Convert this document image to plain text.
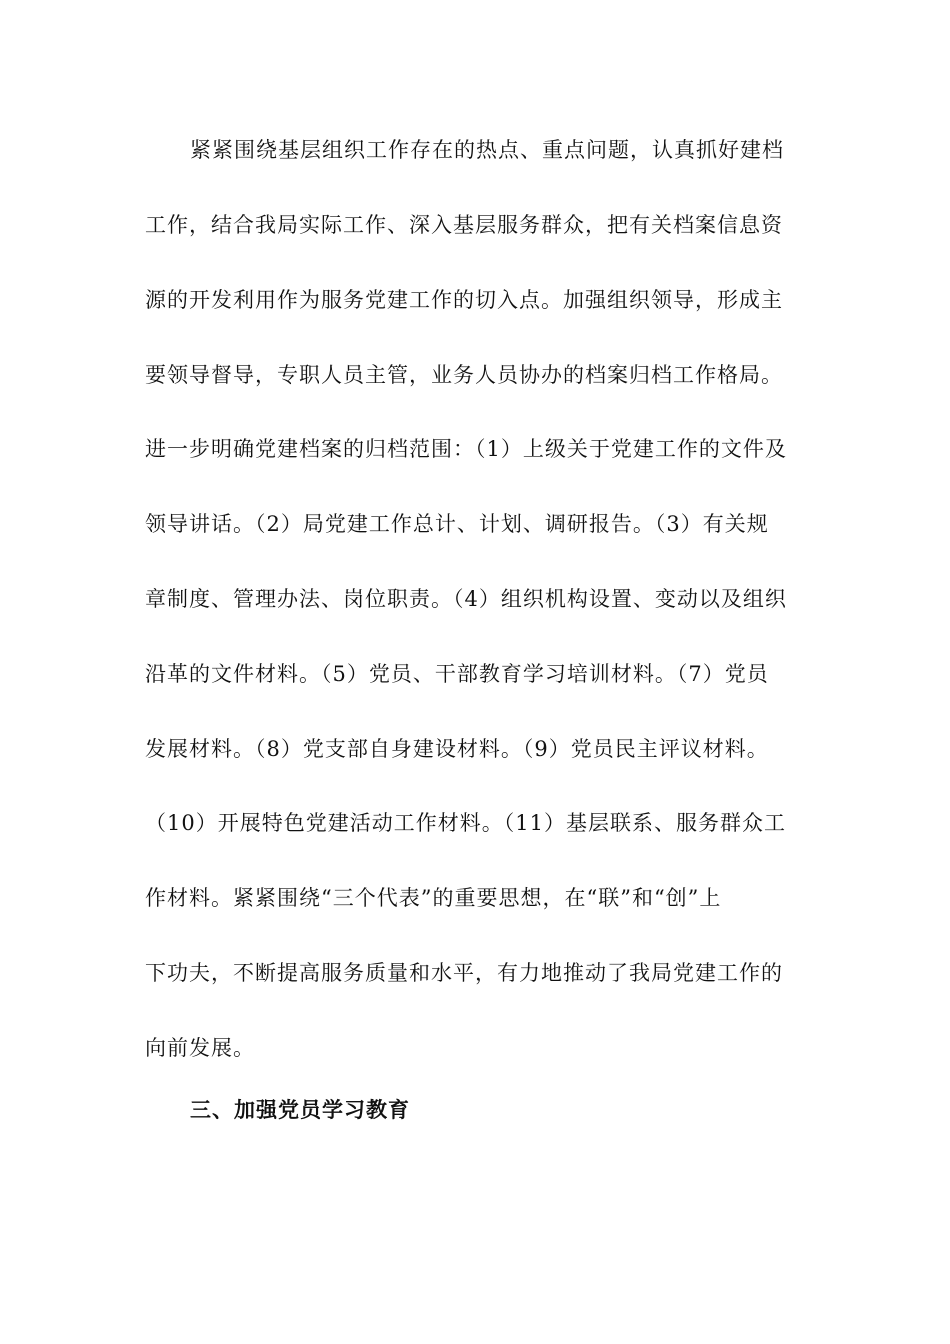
紧紧围绕基层组织工作存在的热点、重点问题，认真抓好建档
工作，结合我局实际工作、深入基层服务群众，把有关档案信息资
源的开发利用作为服务党建工作的切入点。加强组织领导，形成主
要领导督导，专职人员主管，业务人员协办的档案归档工作格局。
进一步明确党建档案的归档范围：（1）上级关于党建工作的文件及
领导讲话。（2）局党建工作总计、计划、调研报告。（3）有关规
章制度、管理办法、岗位职责。（4）组织机构设置、变动以及组织
沿革的文件材料。（5）党员、干部教育学习培训材料。（7）党员
发展材料。（8）党支部自身建设材料。（9）党员民主评议材料。
（10）开展特色党建活动工作材料。（11）基层联系、服务群众工
作材料。紧紧围绕“三个代表”的重要思想，在“联”和“创”上
下功夫，不断提高服务质量和水平，有力地推动了我局党建工作的
向前发展。
三、加强党员学习教育
